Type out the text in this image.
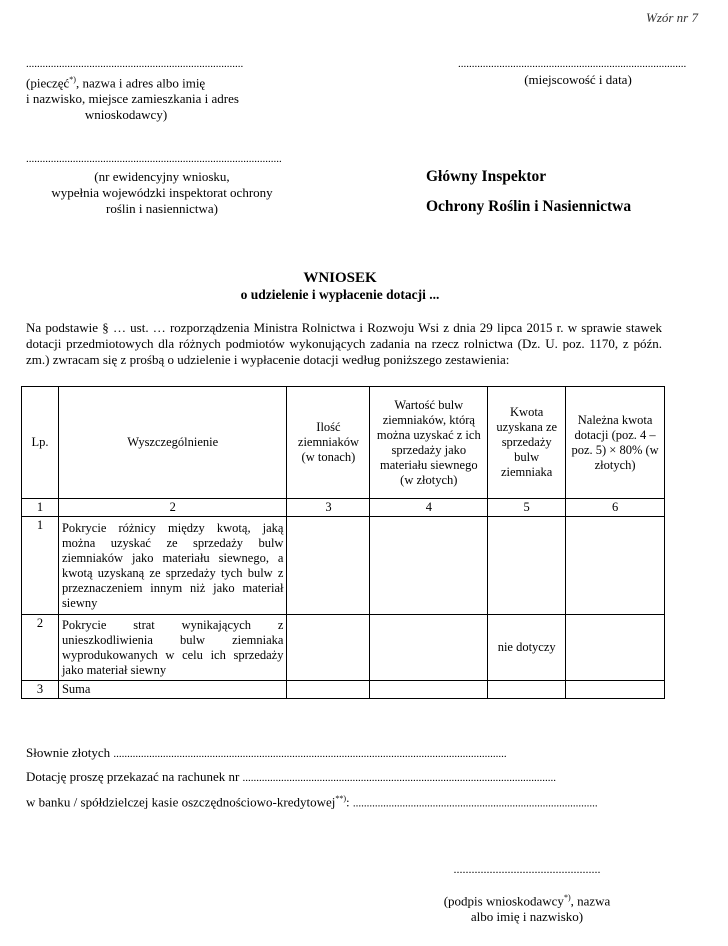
Wzór nr 7
...............................................................................
(pieczęć*), nazwa i adres albo imię
i nazwisko, miejsce zamieszkania i adres
wnioskodawcy)
...................................................................................
(miejscowość i data)
.............................................................................................
(nr ewidencyjny wniosku,
wypełnia wojewódzki inspektorat ochrony
roślin i nasiennictwa)
Główny Inspektor
Ochrony Roślin i Nasiennictwa
WNIOSEK
o udzielenie i wypłacenie dotacji ...
Na podstawie § … ust. … rozporządzenia Ministra Rolnictwa i Rozwoju Wsi z dnia 29 lipca 2015 r. w sprawie stawek dotacji przedmiotowych dla różnych podmiotów wykonujących zadania na rzecz rolnictwa (Dz. U. poz. 1170, z późn. zm.) zwracam się z prośbą o udzielenie i wypłacenie dotacji według poniższego zestawienia:
Lp.	Wyszczególnienie	Ilość ziemniaków (w tonach)	Wartość bulw ziemniaków, którą można uzyskać z ich sprzedaży jako materiału siewnego (w złotych)	Kwota uzyskana ze sprzedaży bulw ziemniaka	Należna kwota dotacji (poz. 4 – poz. 5) × 80% (w złotych)
1	2	3	4	5	6
1	Pokrycie różnicy między kwotą, jaką można uzyskać ze sprzedaży bulw ziemniaków jako materiału siewnego, a kwotą uzyskaną ze sprzedaży tych bulw z przeznaczeniem innym niż jako materiał siewny				
2	Pokrycie strat wynikających z unieszkodliwienia bulw ziemniaka wyprodukowanych w celu ich sprzedaży jako materiał siewny			nie dotyczy	
3	Suma				
Słownie złotych ...............................................................................................................................................
Dotację proszę przekazać na rachunek nr ..................................................................................................................
w banku / spółdzielczej kasie oszczędnościowo-kredytowej**): .........................................................................................
.................................................
(podpis wnioskodawcy*), nazwa
albo imię i nazwisko)
